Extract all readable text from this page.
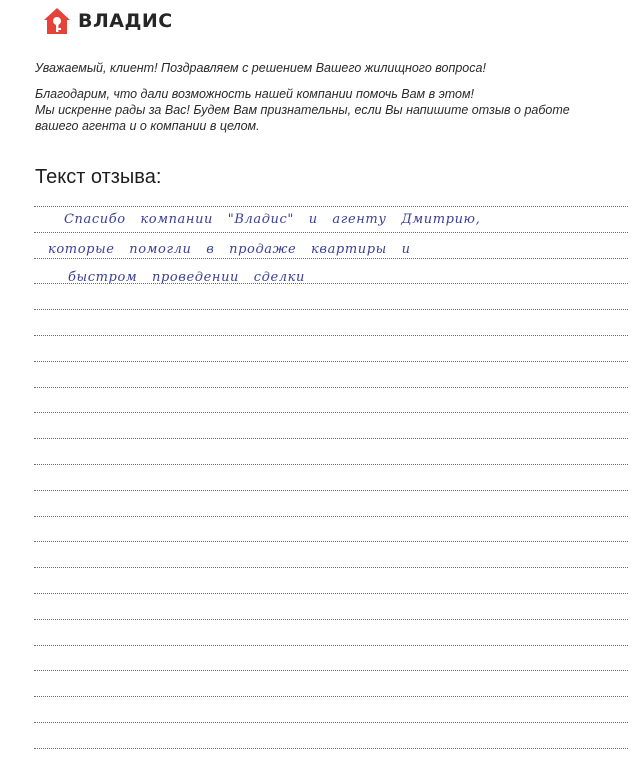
ВЛАДИС
Уважаемый, клиент! Поздравляем с решением Вашего жилищного вопроса!
Благодарим, что дали возможность нашей компании помочь Вам в этом!
Мы искренне рады за Вас! Будем Вам признательны, если Вы напишите отзыв о работе
вашего агента и о компании в целом.
Текст отзыва:
Спасибо компании "Владис" и агенту Дмитрию,
которые помогли в продаже квартиры и
быстром проведении сделки
